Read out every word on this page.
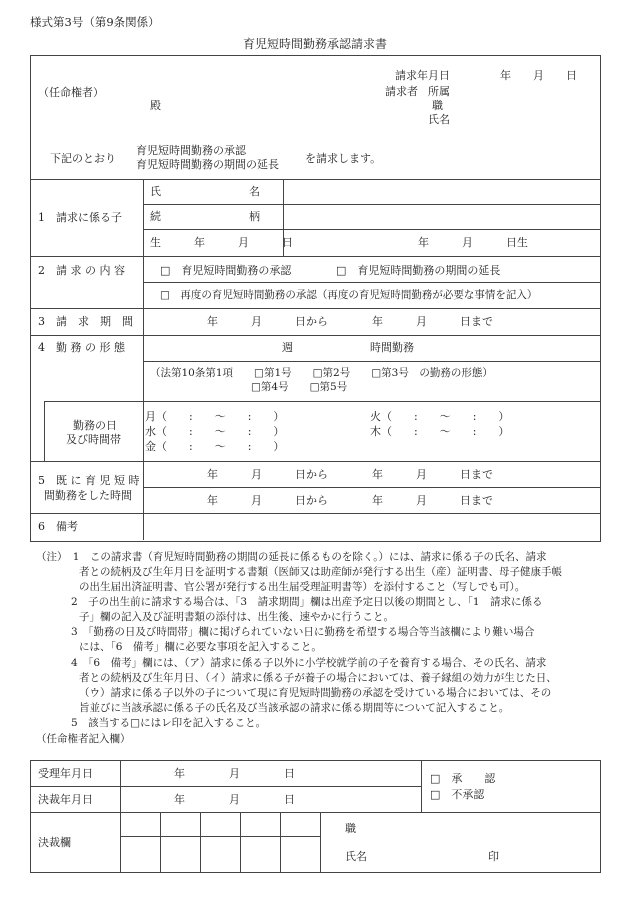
様式第3号（第9条関係）
育児短時間勤務承認請求書
請求年月日	年　　月　　日
（任命権者）	請求者 所属
職
殿
氏名
下記のとおり
育児短時間勤務の承認
育児短時間勤務の期間の延長 を請求します。
1　請求に係る子
氏　　　　　　　　名
続　　　　　　　　柄
生　　　年　　　月　　　日	年　　　月　　　日生
2　請 求 の 内 容	□　育児短時間勤務の承認	□　育児短時間勤務の期間の延長
□　再度の育児短時間勤務の承認（再度の育児短時間勤務が必要な事情を記入）
3　請　求　期　間	年　　　月　　　日から　　　　年　　　月　　　日まで
4　勤 務 の 形 態	週　　　　　　　時間勤務
（法第10条第1項　　□第1号　　□第2号　　□第3号　の勤務の形態）
□第4号　　□第5号
勤務の日
及び時間帯
月（　　:　　〜　　:　　）	火（　　:　　〜　　:　　）
水（　　:　　〜　　:　　）	木（　　:　　〜　　:　　）
金（　　:　　〜　　:　　）
5　既 に 育 児 短 時
間勤務をした時間
年　　　月　　　日から　　　　年　　　月　　　日まで
年　　　月　　　日から　　　　年　　　月　　　日まで
6　備考
（注）　1　この請求書（育児短時間勤務の期間の延長に係るものを除く。）には、請求に係る子の氏名、請求
者との続柄及び生年月日を証明する書類（医師又は助産師が発行する出生（産）証明書、母子健康手帳
の出生届出済証明書、官公署が発行する出生届受理証明書等）を添付すること（写しでも可）。
2　子の出生前に請求する場合は、「3　請求期間」欄は出産予定日以後の期間とし、「1　請求に係る
子」欄の記入及び証明書類の添付は、出生後、速やかに行うこと。
3　「勤務の日及び時間帯」欄に掲げられていない日に勤務を希望する場合等当該欄により難い場合
には、「6　備考」欄に必要な事項を記入すること。
4　「6　備考」欄には、（ア）請求に係る子以外に小学校就学前の子を養育する場合、その氏名、請求
者との続柄及び生年月日、（イ）請求に係る子が養子の場合においては、養子縁組の効力が生じた日、
（ウ）請求に係る子以外の子について現に育児短時間勤務の承認を受けている場合においては、その
旨並びに当該承認に係る子の氏名及び当該承認の請求に係る期間等について記入すること。
5　該当する□にはレ印を記入すること。
（任命権者記入欄）
受理年月日	年　　　　月　　　　日
決裁年月日	年　　　　月　　　　日
□　承　　認
□　不承認
決裁欄
職
氏名	印
